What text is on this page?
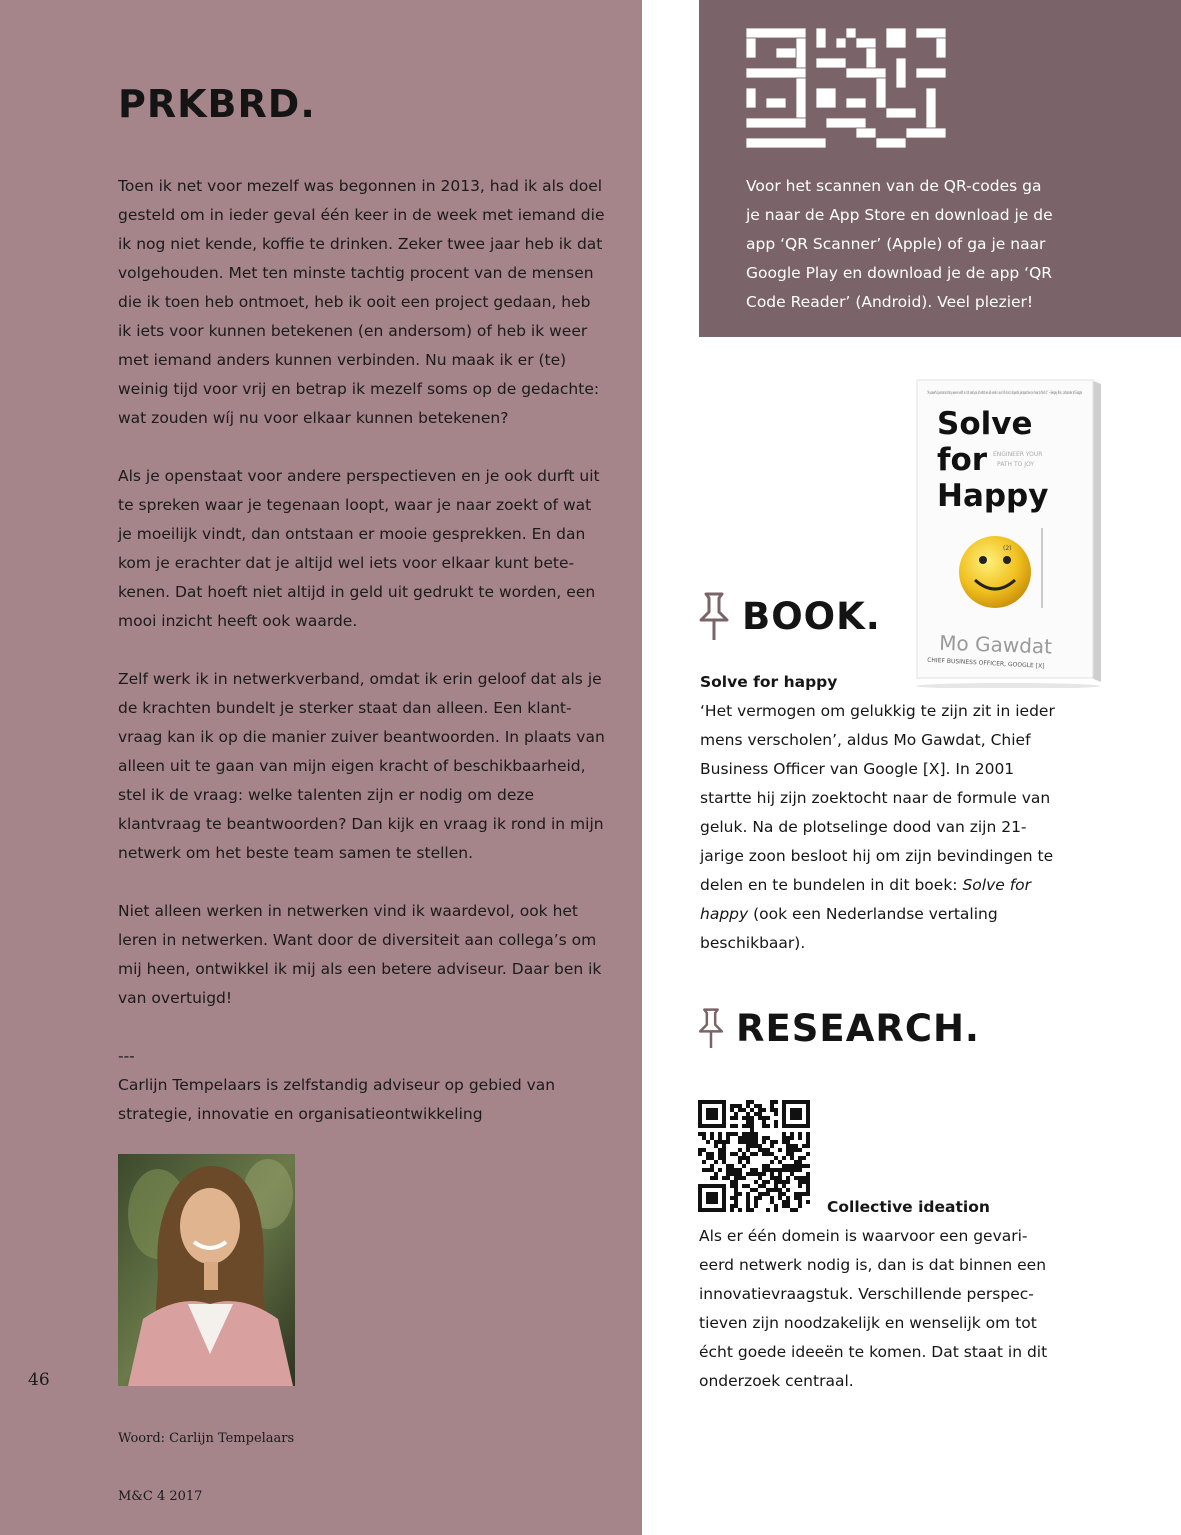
PRKBRD.

Toen ik net voor mezelf was begonnen in 2013, had ik als doel gesteld om in ieder geval één keer in de week met iemand die ik nog niet kende, koffie te drinken. Zeker twee jaar heb ik dat volgehouden. Met ten minste tachtig procent van de mensen die ik toen heb ontmoet, heb ik ooit een project gedaan, heb ik iets voor kunnen betekenen (en andersom) of heb ik weer met iemand anders kunnen verbinden. Nu maak ik er (te) weinig tijd voor vrij en betrap ik mezelf soms op de gedachte: wat zouden wíj nu voor elkaar kunnen betekenen?

Als je openstaat voor andere perspectieven en je ook durft uit te spreken waar je tegenaan loopt, waar je naar zoekt of wat je moeilijk vindt, dan ontstaan er mooie gesprekken. En dan kom je erachter dat je altijd wel iets voor elkaar kunt bete-kenen. Dat hoeft niet altijd in geld uit gedrukt te worden, een mooi inzicht heeft ook waarde.

Zelf werk ik in netwerkverband, omdat ik erin geloof dat als je de krachten bundelt je sterker staat dan alleen. Een klant-vraag kan ik op die manier zuiver beantwoorden. In plaats van alleen uit te gaan van mijn eigen kracht of beschikbaarheid, stel ik de vraag: welke talenten zijn er nodig om deze klantvraag te beantwoorden? Dan kijk en vraag ik rond in mijn netwerk om het beste team samen te stellen.

Niet alleen werken in netwerken vind ik waardevol, ook het leren in netwerken. Want door de diversiteit aan collega’s om mij heen, ontwikkel ik mij als een betere adviseur. Daar ben ik van overtuigd!

---

Carlijn Tempelaars is zelfstandig adviseur op gebied van strategie, innovatie en organisatieontwikkeling

46
Woord: Carlijn Tempelaars
M&C 4 2017
Voor het scannen van de QR-codes ga je naar de App Store en download je de app ‘QR Scanner’ (Apple) of ga je naar Google Play en download je de app ‘QR Code Reader’ (Android). Veel plezier!
“A powerful personal story woven with a rich analysis of what we all seek in our life and a hopeful perspective on how to find it.” —Sergey Brin, cofounder of Google
Solve
for
Happy
ENGINEER YOUR
PATH TO JOY
(2)
Mo Gawdat
CHIEF BUSINESS OFFICER, GOOGLE [X]
BOOK.
Solve for happy
‘Het vermogen om gelukkig te zijn zit in ieder mens verscholen’, aldus Mo Gawdat, Chief Business Officer van Google [X]. In 2001 startte hij zijn zoektocht naar de formule van geluk. Na de plotselinge dood van zijn 21-jarige zoon besloot hij om zijn bevindingen te delen en te bundelen in dit boek: Solve for happy (ook een Nederlandse vertaling beschikbaar).
RESEARCH.
Collective ideation
Als er één domein is waarvoor een gevari-eerd netwerk nodig is, dan is dat binnen een innovatievraagstuk. Verschillende perspec-tieven zijn noodzakelijk en wenselijk om tot écht goede ideeën te komen. Dat staat in dit onderzoek centraal.
